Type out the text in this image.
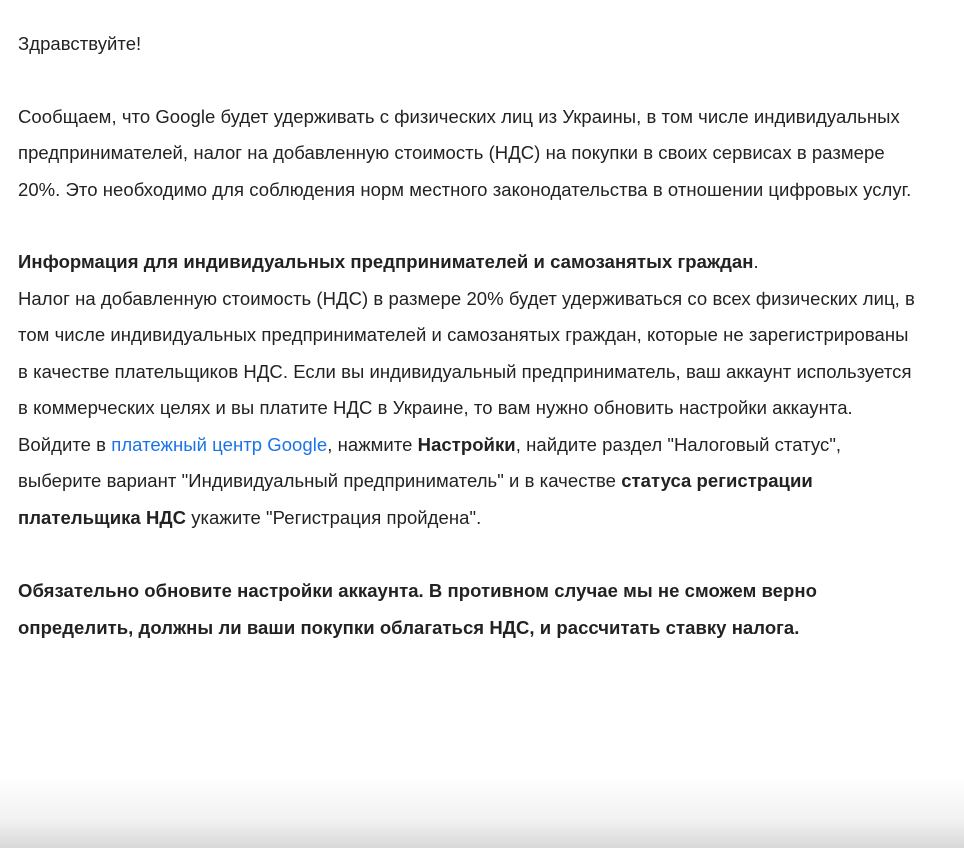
Здравствуйте!

Сообщаем, что Google будет удерживать с физических лиц из Украины, в том числе индивидуальных предпринимателей, налог на добавленную стоимость (НДС) на покупки в своих сервисах в размере 20%. Это необходимо для соблюдения норм местного законодательства в отношении цифровых услуг.

Информация для индивидуальных предпринимателей и самозанятых граждан.
Налог на добавленную стоимость (НДС) в размере 20% будет удерживаться со всех физических лиц, в том числе индивидуальных предпринимателей и самозанятых граждан, которые не зарегистрированы в качестве плательщиков НДС. Если вы индивидуальный предприниматель, ваш аккаунт используется в коммерческих целях и вы платите НДС в Украине, то вам нужно обновить настройки аккаунта. Войдите в платежный центр Google, нажмите Настройки, найдите раздел "Налоговый статус", выберите вариант "Индивидуальный предприниматель" и в качестве статуса регистрации плательщика НДС укажите "Регистрация пройдена".

Обязательно обновите настройки аккаунта. В противном случае мы не сможем верно определить, должны ли ваши покупки облагаться НДС, и рассчитать ставку налога.
